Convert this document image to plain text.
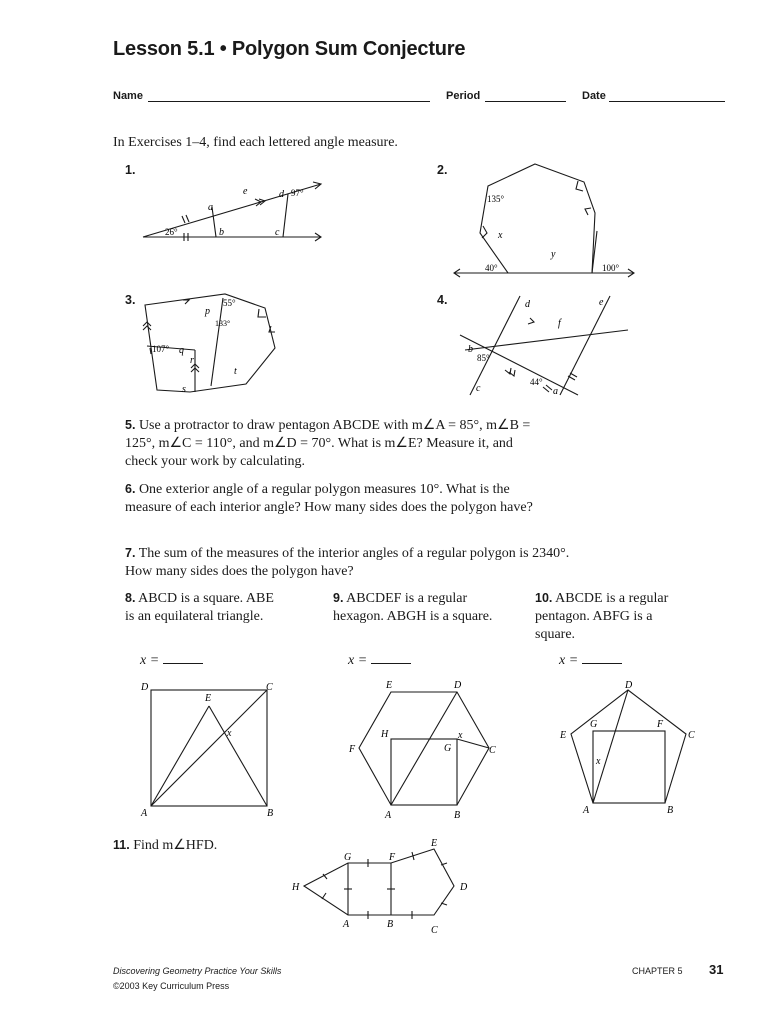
Lesson 5.1 • Polygon Sum Conjecture
Name	Period	Date
In Exercises 1–4, find each lettered angle measure.
1.	2.
3.	4.
a
b	c
d
e
26°
97°
135°
x
y
40°	100°
55°
p
133°
107° q
r
s
t
d	e
f
b
85°
c
44°
a
5. Use a protractor to draw pentagon ABCDE with m∠A = 85°, m∠B = 125°, m∠C = 110°, and m∠D = 70°. What is m∠E? Measure it, and check your work by calculating.
6. One exterior angle of a regular polygon measures 10°. What is the measure of each interior angle? How many sides does the polygon have?
7. The sum of the measures of the interior angles of a regular polygon is 2340°. How many sides does the polygon have?
8. ABCD is a square. ABE is an equilateral triangle.
x =
9. ABCDEF is a regular hexagon. ABGH is a square.
x =
10. ABCDE is a regular pentagon. ABFG is a square.
x =
D	C
E
x
A	B
E	D
H	x
F	G	C
A	B
D
E
G	F
C
x
A	B
11. Find m∠HFD.	E
G	F
H	D
A	B
C
Discovering Geometry Practice Your Skills
©2003 Key Curriculum Press
CHAPTER 5 31
